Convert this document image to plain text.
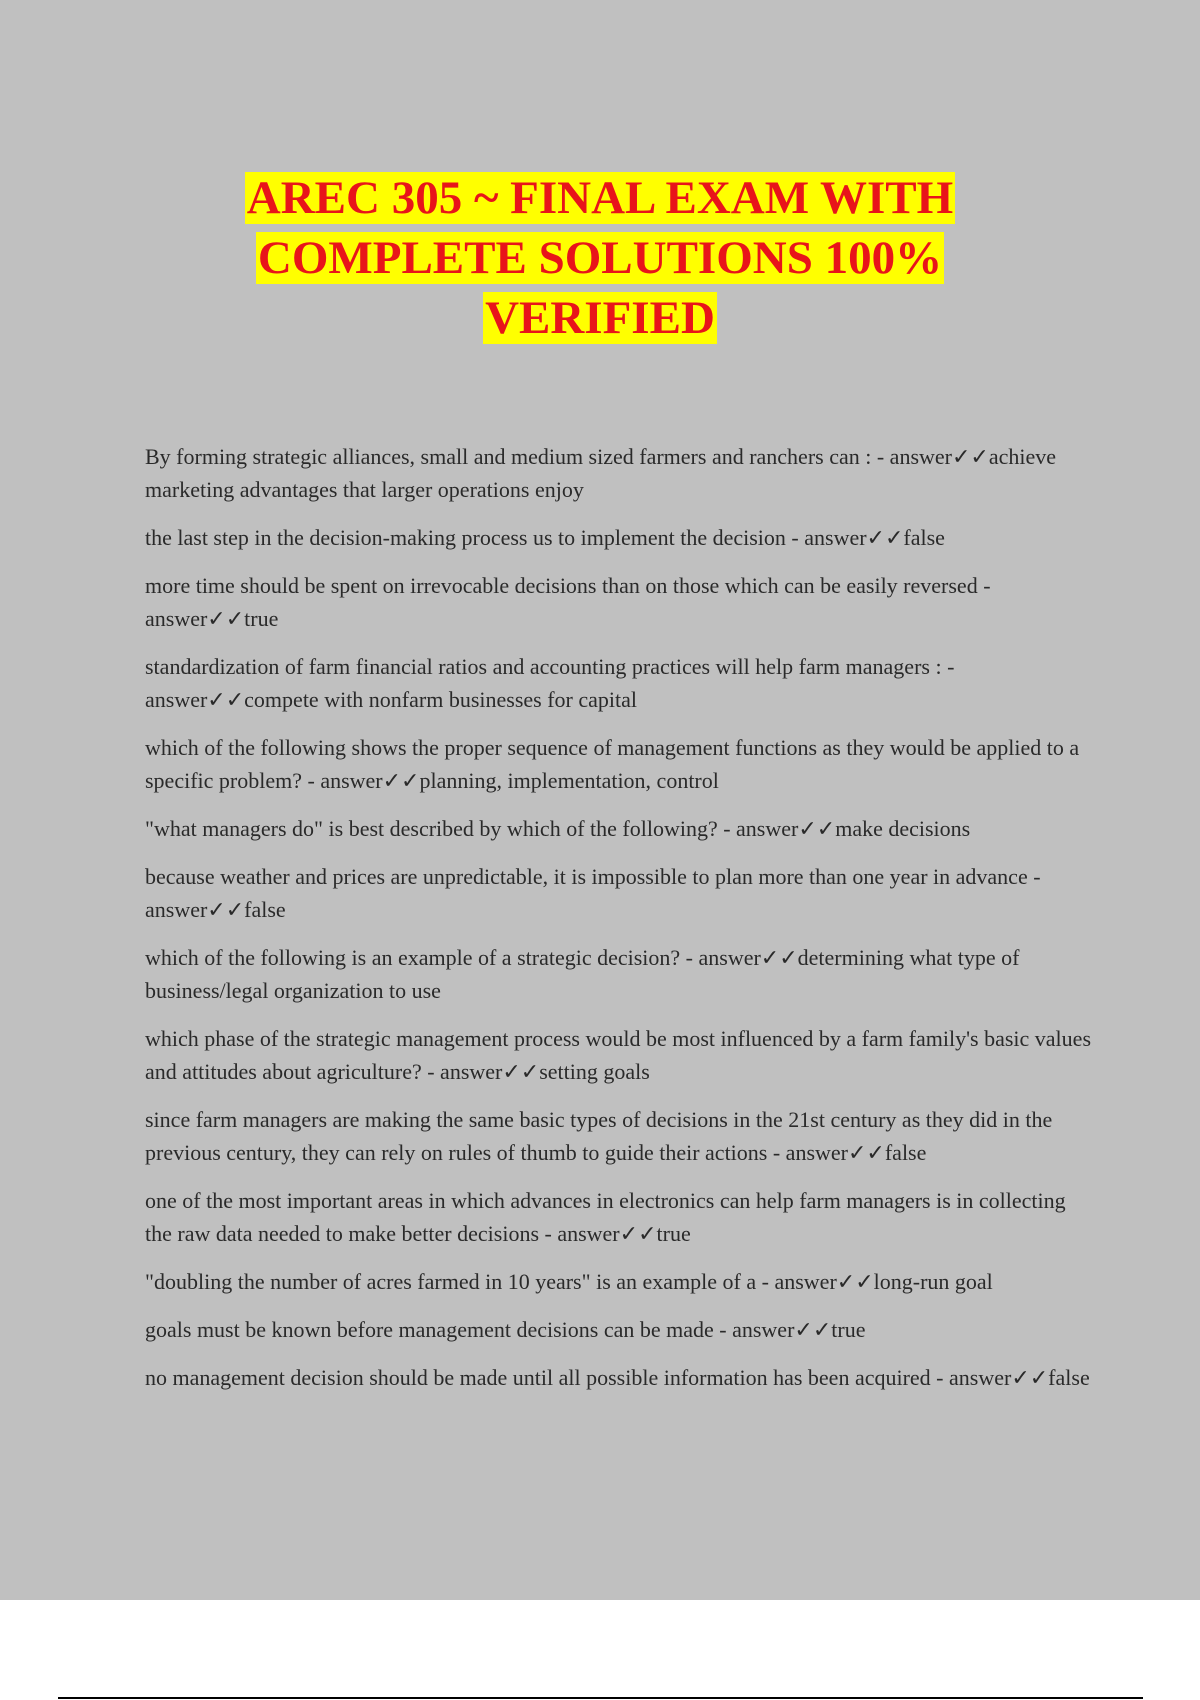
AREC 305 ~ FINAL EXAM WITH
COMPLETE SOLUTIONS 100%
VERIFIED

By forming strategic alliances, small and medium sized farmers and ranchers can : - answer✓✓achieve marketing advantages that larger operations enjoy

the last step in the decision-making process us to implement the decision - answer✓✓false

more time should be spent on irrevocable decisions than on those which can be easily reversed - answer✓✓true

standardization of farm financial ratios and accounting practices will help farm managers : - answer✓✓compete with nonfarm businesses for capital

which of the following shows the proper sequence of management functions as they would be applied to a specific problem? - answer✓✓planning, implementation, control

"what managers do" is best described by which of the following? - answer✓✓make decisions

because weather and prices are unpredictable, it is impossible to plan more than one year in advance - answer✓✓false

which of the following is an example of a strategic decision? - answer✓✓determining what type of business/legal organization to use

which phase of the strategic management process would be most influenced by a farm family's basic values and attitudes about agriculture? - answer✓✓setting goals

since farm managers are making the same basic types of decisions in the 21st century as they did in the previous century, they can rely on rules of thumb to guide their actions - answer✓✓false

one of the most important areas in which advances in electronics can help farm managers is in collecting the raw data needed to make better decisions - answer✓✓true

"doubling the number of acres farmed in 10 years" is an example of a - answer✓✓long-run goal

goals must be known before management decisions can be made - answer✓✓true

no management decision should be made until all possible information has been acquired - answer✓✓false
